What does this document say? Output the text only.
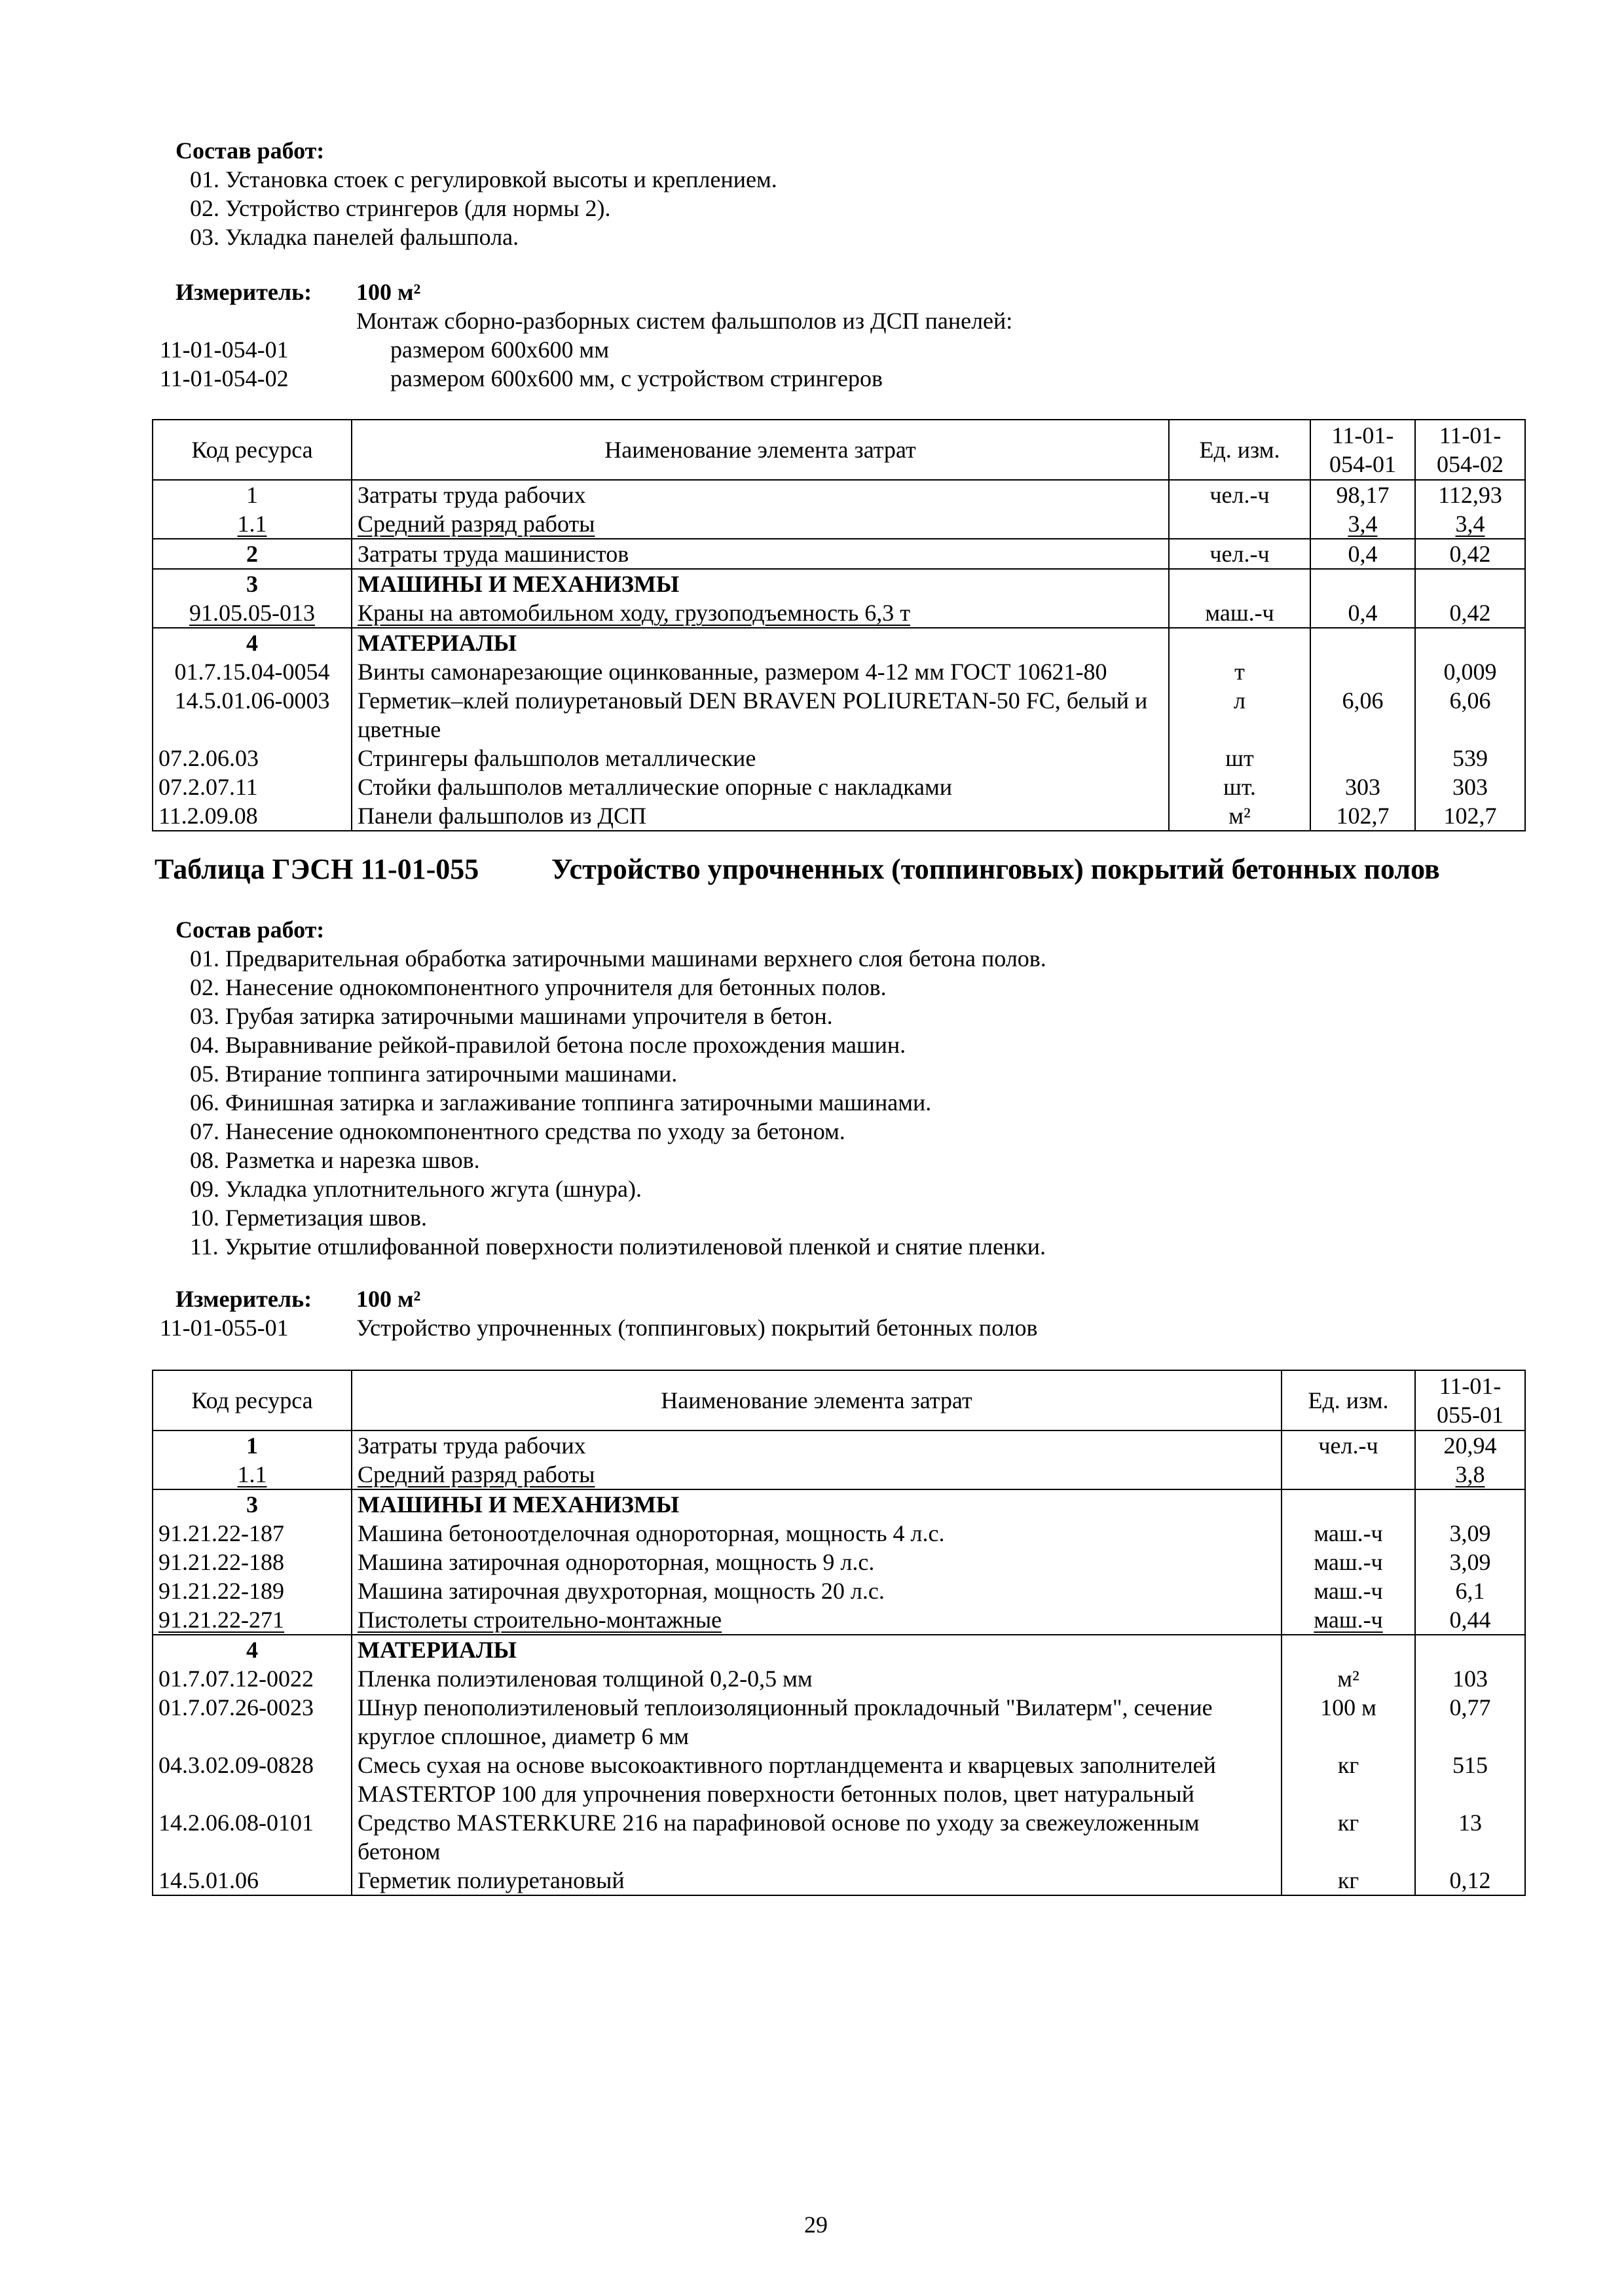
Состав работ:
01. Установка стоек с регулировкой высоты и креплением.
02. Устройство стрингеров (для нормы 2).
03. Укладка панелей фальшпола.
Измеритель: 100 м²
Монтаж сборно-разборных систем фальшполов из ДСП панелей:
11-01-054-01	размером 600х600 мм
11-01-054-02	размером 600х600 мм, с устройством стрингеров
Код ресурса	Наименование элемента затрат	Ед. изм.	11-01-054-01	11-01-054-02
1	Затраты труда рабочих	чел.-ч	98,17	112,93
1.1	Средний разряд работы		3,4	3,4
2	Затраты труда машинистов	чел.-ч	0,4	0,42
3	МАШИНЫ И МЕХАНИЗМЫ			
91.05.05-013	Краны на автомобильном ходу, грузоподъемность 6,3 т	маш.-ч	0,4	0,42
4	МАТЕРИАЛЫ			
01.7.15.04-0054	Винты самонарезающие оцинкованные, размером 4-12 мм ГОСТ 10621-80	т		0,009
14.5.01.06-0003	Герметик–клей полиуретановый DEN BRAVEN POLIURETAN-50 FC, белый и цветные	л	6,06	6,06
07.2.06.03	Стрингеры фальшполов металлические	шт		539
07.2.07.11	Стойки фальшполов металлические опорные с накладками	шт.	303	303
11.2.09.08	Панели фальшполов из ДСП	м²	102,7	102,7
Таблица ГЭСН 11-01-055	Устройство упрочненных (топпинговых) покрытий бетонных полов
Состав работ:
01. Предварительная обработка затирочными машинами верхнего слоя бетона полов.
02. Нанесение однокомпонентного упрочнителя для бетонных полов.
03. Грубая затирка затирочными машинами упрочителя в бетон.
04. Выравнивание рейкой-правилой бетона после прохождения машин.
05. Втирание топпинга затирочными машинами.
06. Финишная затирка и заглаживание топпинга затирочными машинами.
07. Нанесение однокомпонентного средства по уходу за бетоном.
08. Разметка и нарезка швов.
09. Укладка уплотнительного жгута (шнура).
10. Герметизация швов.
11. Укрытие отшлифованной поверхности полиэтиленовой пленкой и снятие пленки.
Измеритель: 100 м²
11-01-055-01	Устройство упрочненных (топпинговых) покрытий бетонных полов
Код ресурса	Наименование элемента затрат	Ед. изм.	11-01-055-01
1	Затраты труда рабочих	чел.-ч	20,94
1.1	Средний разряд работы		3,8
3	МАШИНЫ И МЕХАНИЗМЫ		
91.21.22-187	Машина бетоноотделочная однороторная, мощность 4 л.с.	маш.-ч	3,09
91.21.22-188	Машина затирочная однороторная, мощность 9 л.с.	маш.-ч	3,09
91.21.22-189	Машина затирочная двухроторная, мощность 20 л.с.	маш.-ч	6,1
91.21.22-271	Пистолеты строительно-монтажные	маш.-ч	0,44
4	МАТЕРИАЛЫ		
01.7.07.12-0022	Пленка полиэтиленовая толщиной 0,2-0,5 мм	м²	103
01.7.07.26-0023	Шнур пенополиэтиленовый теплоизоляционный прокладочный "Вилатерм", сечение круглое сплошное, диаметр 6 мм	100 м	0,77
04.3.02.09-0828	Смесь сухая на основе высокоактивного портландцемента и кварцевых заполнителей MASTERTOP 100 для упрочнения поверхности бетонных полов, цвет натуральный	кг	515
14.2.06.08-0101	Средство MASTERKURE 216 на парафиновой основе по уходу за свежеуложенным бетоном	кг	13
14.5.01.06	Герметик полиуретановый	кг	0,12
29
